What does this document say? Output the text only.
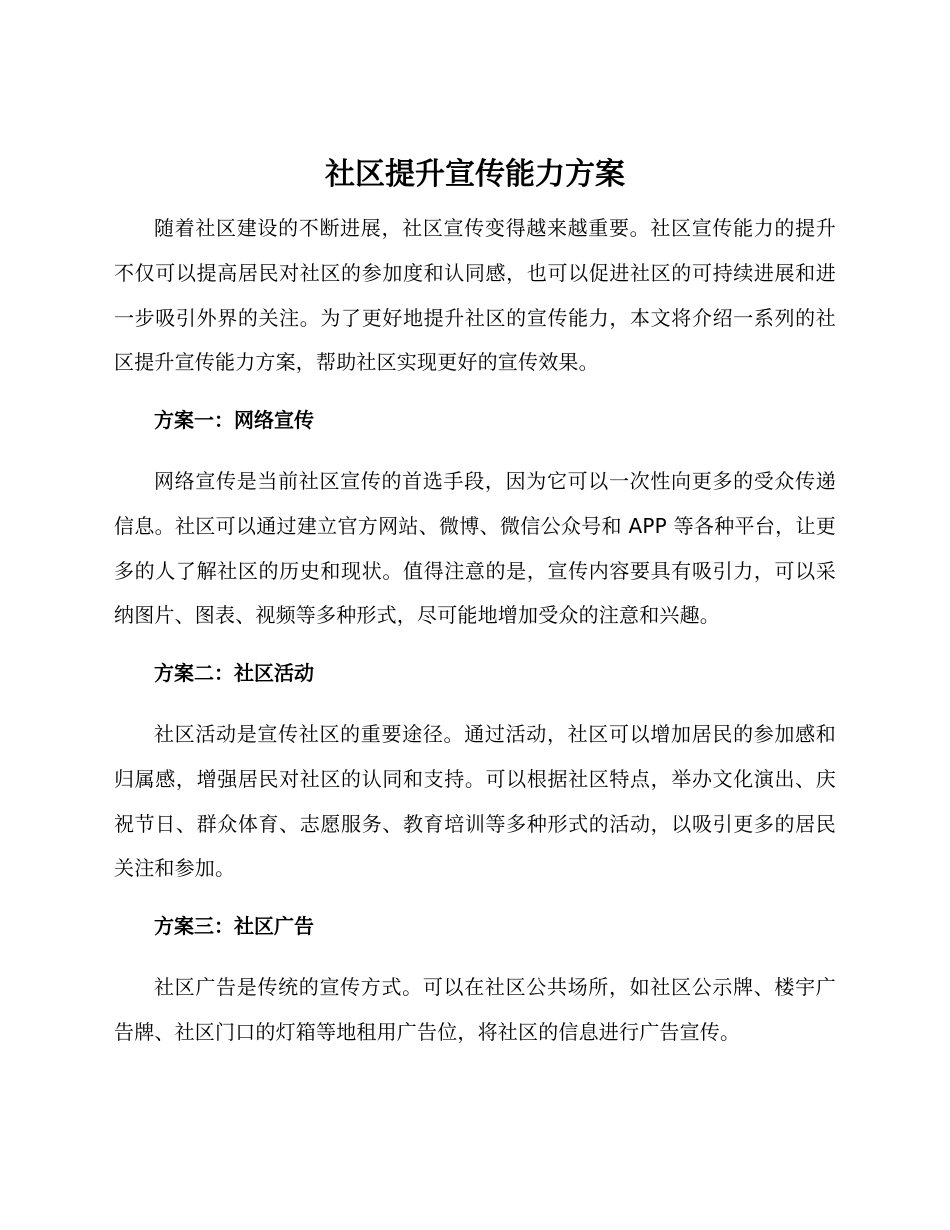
社区提升宣传能力方案

随着社区建设的不断进展，社区宣传变得越来越重要。社区宣传能力的提升不仅可以提高居民对社区的参加度和认同感，也可以促进社区的可持续进展和进一步吸引外界的关注。为了更好地提升社区的宣传能力，本文将介绍一系列的社区提升宣传能力方案，帮助社区实现更好的宣传效果。

方案一：网络宣传

网络宣传是当前社区宣传的首选手段，因为它可以一次性向更多的受众传递信息。社区可以通过建立官方网站、微博、微信公众号和 APP 等各种平台，让更多的人了解社区的历史和现状。值得注意的是，宣传内容要具有吸引力，可以采纳图片、图表、视频等多种形式，尽可能地增加受众的注意和兴趣。

方案二：社区活动

社区活动是宣传社区的重要途径。通过活动，社区可以增加居民的参加感和归属感，增强居民对社区的认同和支持。可以根据社区特点，举办文化演出、庆祝节日、群众体育、志愿服务、教育培训等多种形式的活动，以吸引更多的居民关注和参加。

方案三：社区广告

社区广告是传统的宣传方式。可以在社区公共场所，如社区公示牌、楼宇广告牌、社区门口的灯箱等地租用广告位，将社区的信息进行广告宣传。
